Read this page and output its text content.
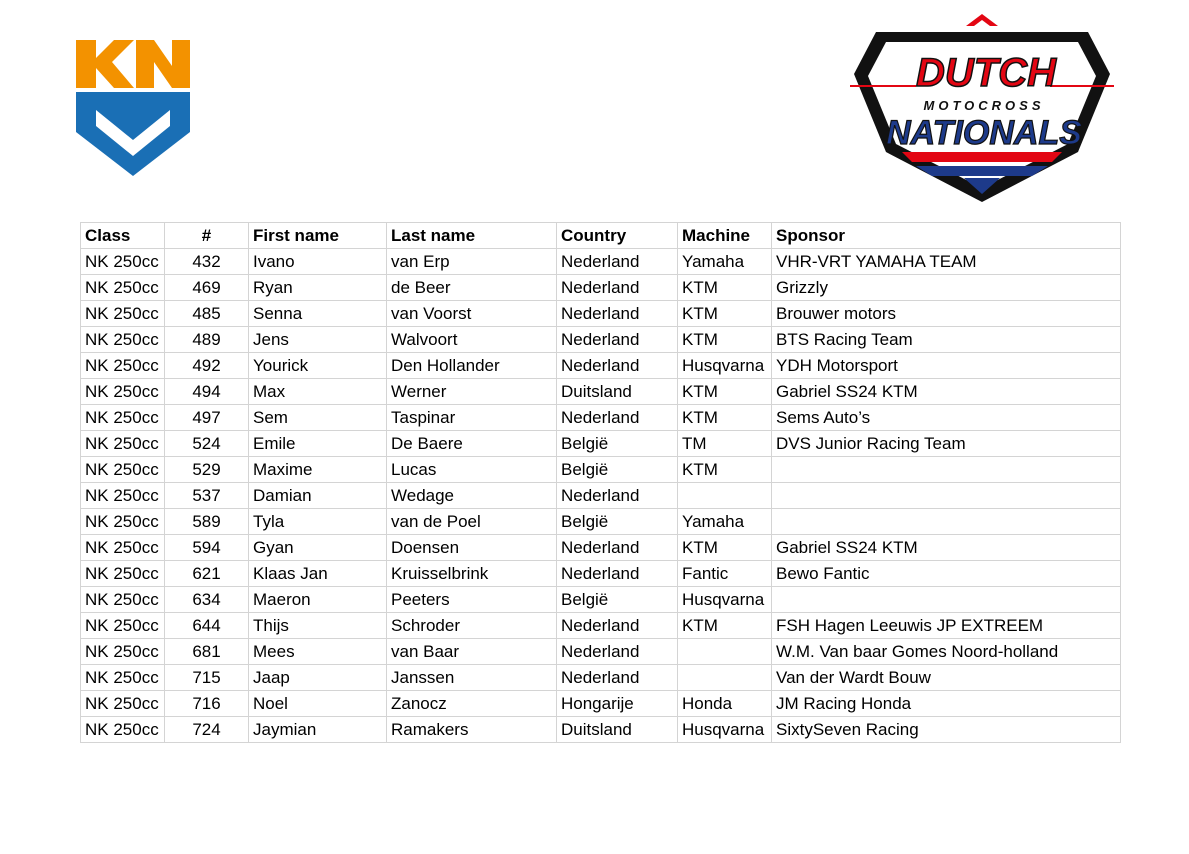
DUTCH
MOTOCROSS
NATIONALS
Class	#	First name	Last name	Country	Machine	Sponsor
NK 250cc	432	Ivano	van Erp	Nederland	Yamaha	VHR-VRT YAMAHA TEAM
NK 250cc	469	Ryan	de Beer	Nederland	KTM	Grizzly
NK 250cc	485	Senna	van Voorst	Nederland	KTM	Brouwer motors
NK 250cc	489	Jens	Walvoort	Nederland	KTM	BTS Racing Team
NK 250cc	492	Yourick	Den Hollander	Nederland	Husqvarna	YDH Motorsport
NK 250cc	494	Max	Werner	Duitsland	KTM	Gabriel SS24 KTM
NK 250cc	497	Sem	Taspinar	Nederland	KTM	Sems Auto’s
NK 250cc	524	Emile	De Baere	België	TM	DVS Junior Racing Team
NK 250cc	529	Maxime	Lucas	België	KTM	
NK 250cc	537	Damian	Wedage	Nederland		
NK 250cc	589	Tyla	van de Poel	België	Yamaha	
NK 250cc	594	Gyan	Doensen	Nederland	KTM	Gabriel SS24 KTM
NK 250cc	621	Klaas Jan	Kruisselbrink	Nederland	Fantic	Bewo Fantic
NK 250cc	634	Maeron	Peeters	België	Husqvarna	
NK 250cc	644	Thijs	Schroder	Nederland	KTM	FSH Hagen Leeuwis JP EXTREEM
NK 250cc	681	Mees	van Baar	Nederland		W.M. Van baar Gomes Noord-holland
NK 250cc	715	Jaap	Janssen	Nederland		Van der Wardt Bouw
NK 250cc	716	Noel	Zanocz	Hongarije	Honda	JM Racing Honda
NK 250cc	724	Jaymian	Ramakers	Duitsland	Husqvarna	SixtySeven Racing
